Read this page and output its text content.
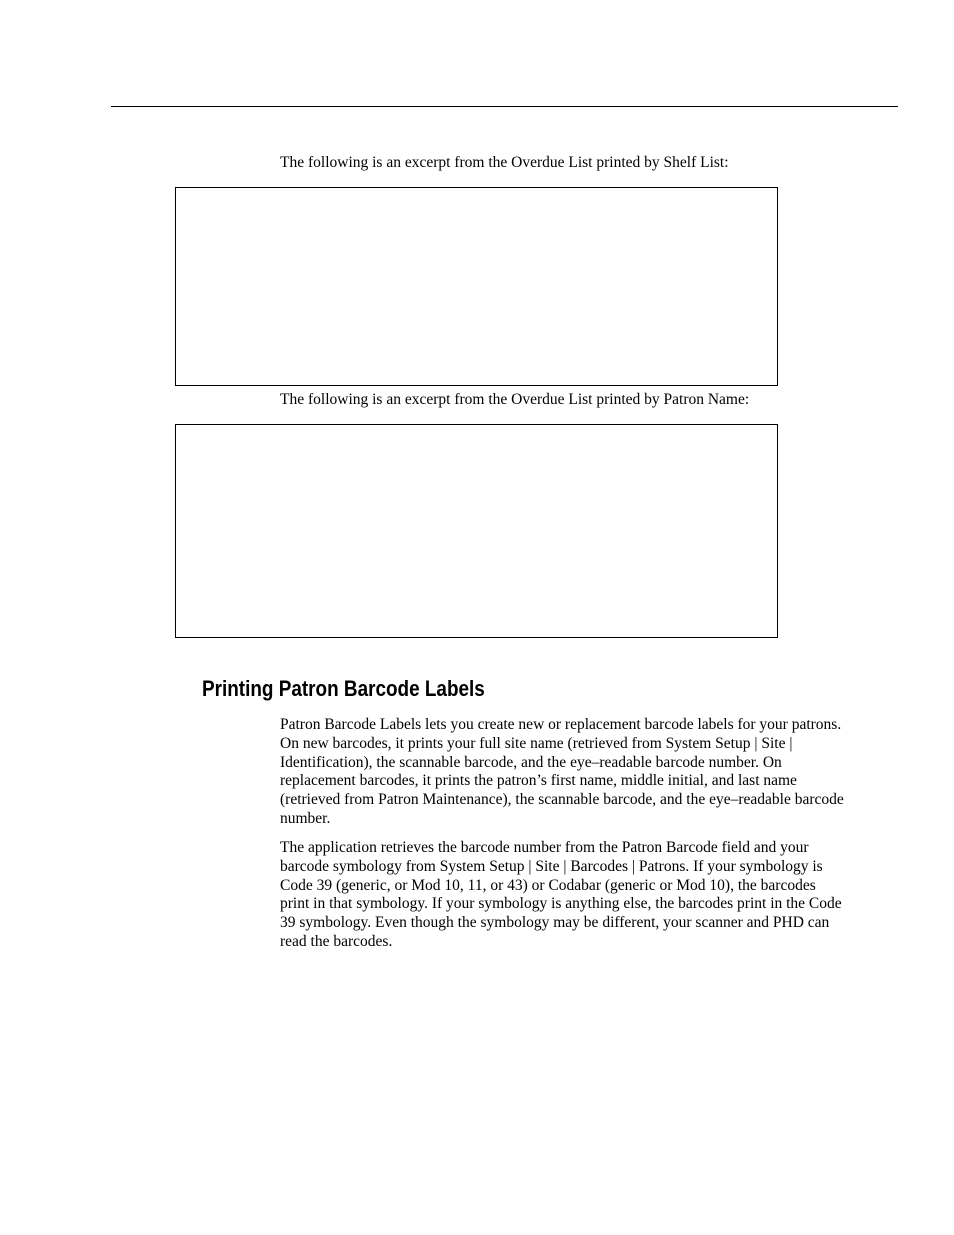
The following is an excerpt from the Overdue List printed by Shelf List:

The following is an excerpt from the Overdue List printed by Patron Name:

Printing Patron Barcode Labels

Patron Barcode Labels lets you create new or replacement barcode labels for your patrons. On new barcodes, it prints your full site name (retrieved from System Setup | Site | Identification), the scannable barcode, and the eye–readable barcode number. On replacement barcodes, it prints the patron’s first name, middle initial, and last name (retrieved from Patron Maintenance), the scannable barcode, and the eye–readable barcode number.

The application retrieves the barcode number from the Patron Barcode field and your barcode symbology from System Setup | Site | Barcodes | Patrons. If your symbology is Code 39 (generic, or Mod 10, 11, or 43) or Codabar (generic or Mod 10), the barcodes print in that symbology. If your symbology is anything else, the barcodes print in the Code 39 symbology. Even though the symbology may be different, your scanner and PHD can read the barcodes.
